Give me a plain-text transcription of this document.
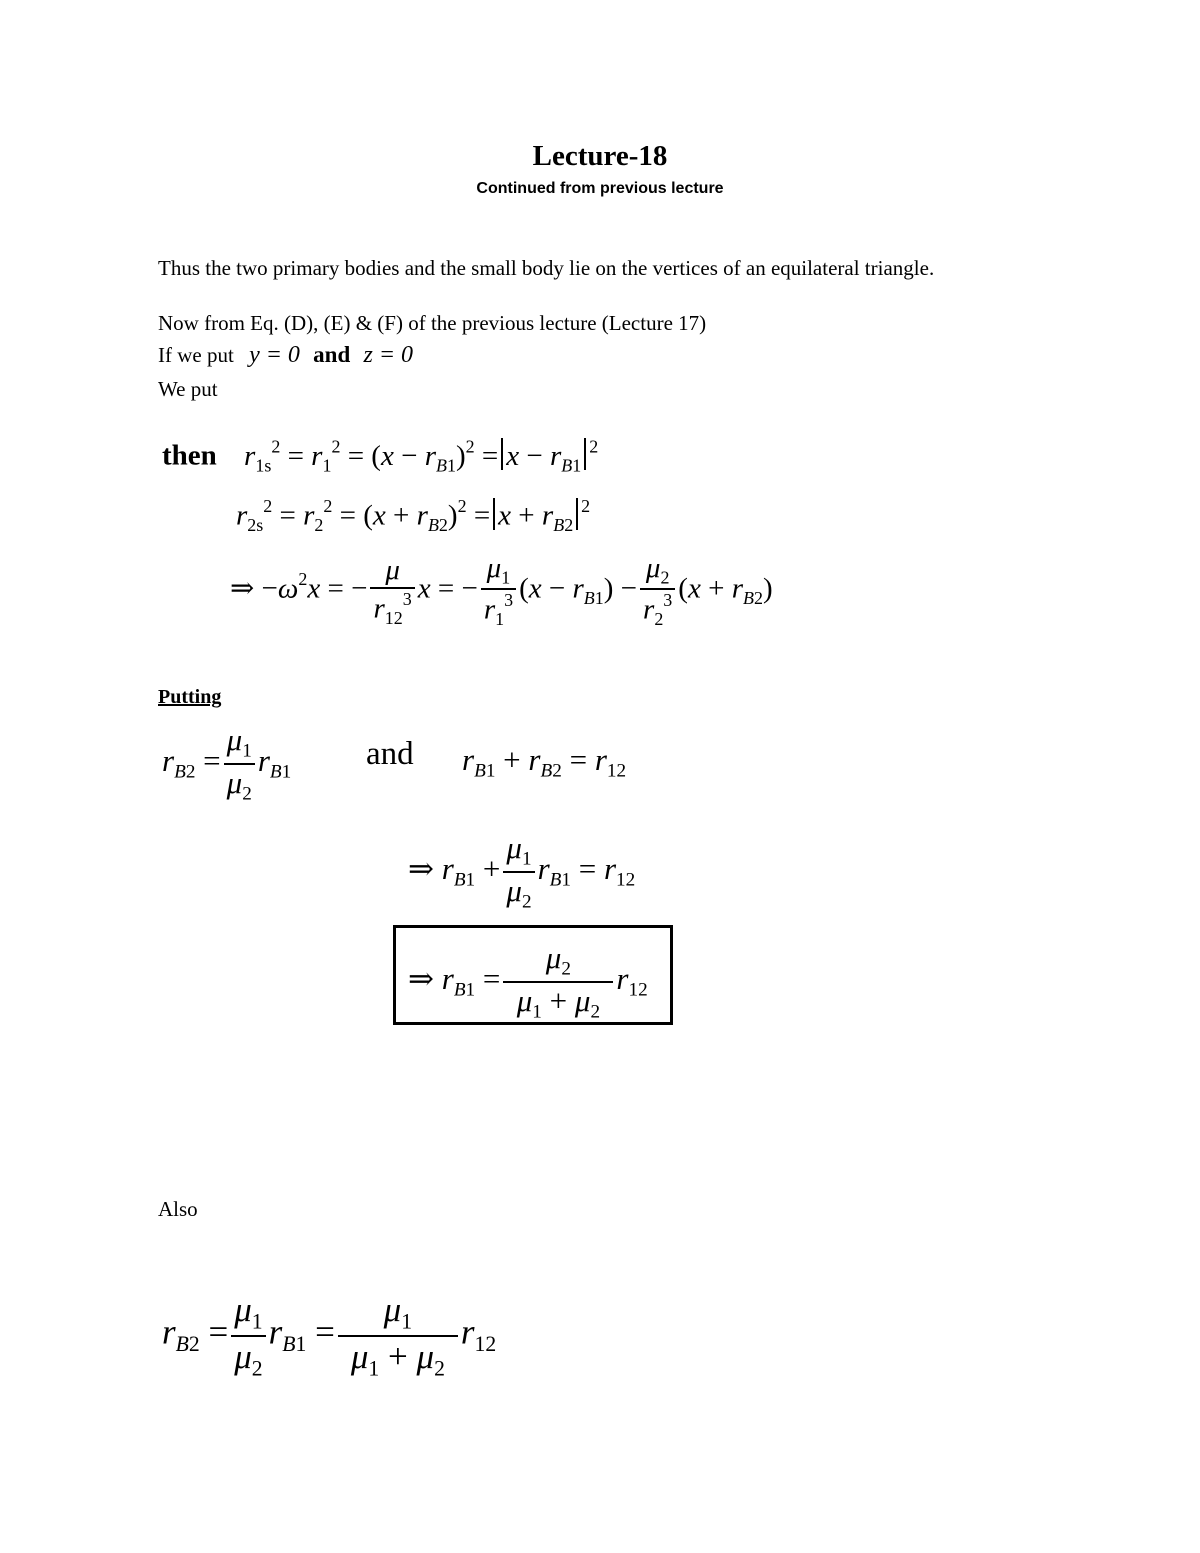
Lecture-18
Continued from previous lecture
Thus the two primary bodies and the small body lie on the vertices of an equilateral triangle.
Now from Eq. (D), (E) & (F) of the previous lecture (Lecture 17)
If we put y = 0 and z = 0
We put
then $r_{1s}^2 = r_1^2 = (x - r_{B1})^2 = x - r_{B1}^2$
$r_{2s}^2 = r_2^2 = (x + r_{B2})^2 = x + r_{B2}^2$
⇒ $-\omega^2x$ = − $\frac{\mu}{r_{12}^3}$ x = − $\frac{\mu_1}{r_1^3} (x - r_{B1}) - \frac{\mu_2}{r_2^3} (x + r_{B2})$
Putting
$r_{B2} = \frac{\mu_1}{\mu_2} r_{B1}$
and $r_{B1} + r_{B2} = r_{12}$
⇒ $r_{B1} + \frac{\mu_1}{\mu_2} r_{B1} = r_{12}$
⇒ $r_{B1} = \frac{\mu_2}{\mu_1 + \mu_2} r_{12}$
Also
$r_{B2} = \frac{\mu_1}{\mu_2} r_{B1} = \frac{\mu_1}{\mu_1 + \mu_2} r_{12}$
